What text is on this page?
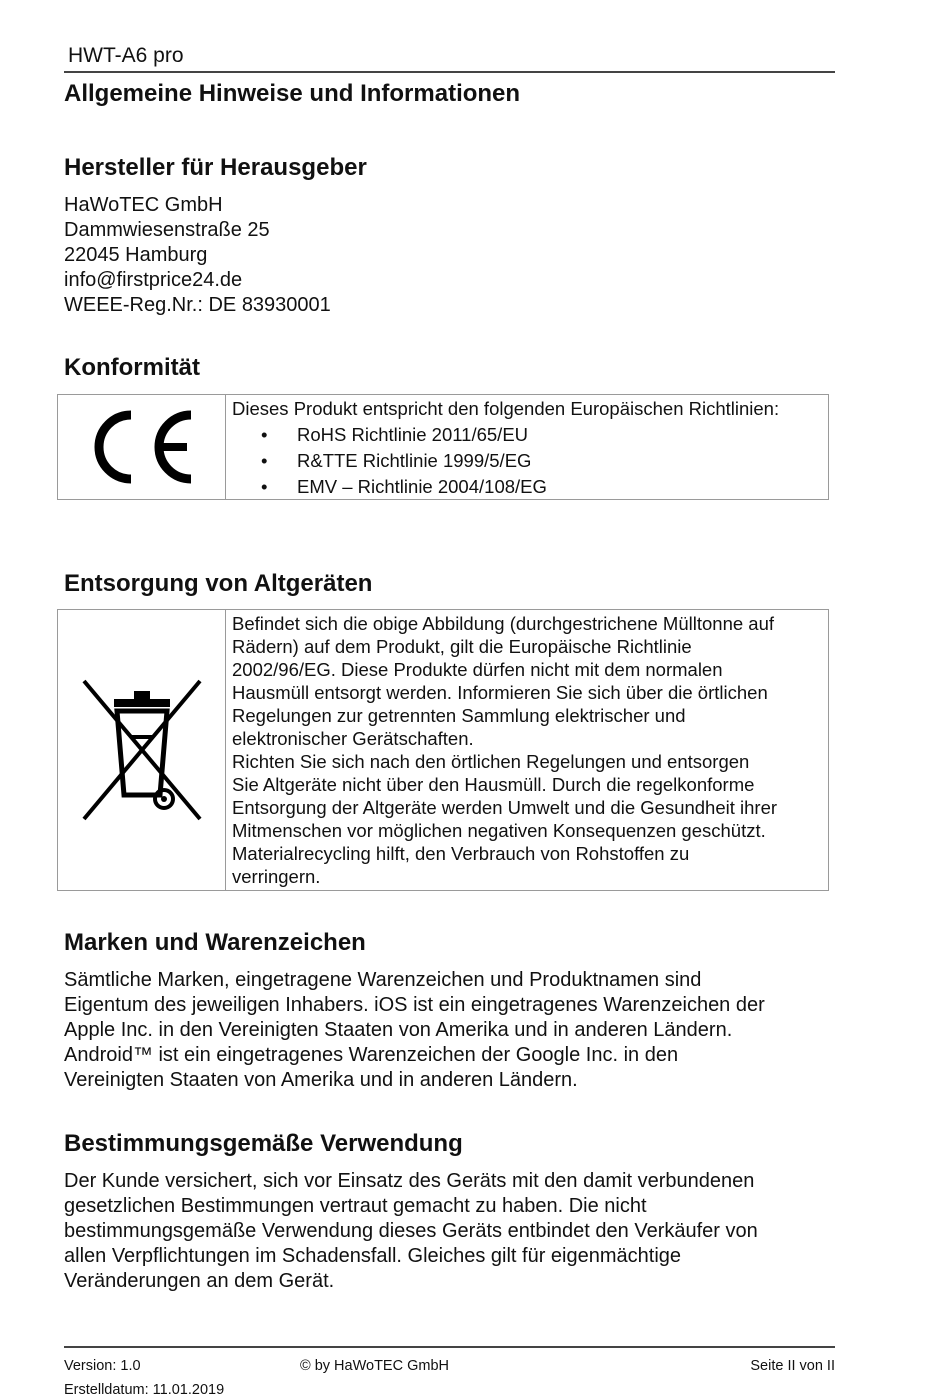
HWT-A6 pro
Allgemeine Hinweise und Informationen
Hersteller für Herausgeber
HaWoTEC GmbH
Dammwiesenstraße 25
22045 Hamburg
info@firstprice24.de
WEEE-Reg.Nr.: DE 83930001
Konformität
Dieses Produkt entspricht den folgenden Europäischen Richtlinien:
• RoHS Richtlinie 2011/65/EU
• R&TTE Richtlinie 1999/5/EG
• EMV – Richtlinie 2004/108/EG
Entsorgung von Altgeräten
Befindet sich die obige Abbildung (durchgestrichene Mülltonne auf
Rädern) auf dem Produkt, gilt die Europäische Richtlinie
2002/96/EG. Diese Produkte dürfen nicht mit dem normalen
Hausmüll entsorgt werden. Informieren Sie sich über die örtlichen
Regelungen zur getrennten Sammlung elektrischer und
elektronischer Gerätschaften.
Richten Sie sich nach den örtlichen Regelungen und entsorgen
Sie Altgeräte nicht über den Hausmüll. Durch die regelkonforme
Entsorgung der Altgeräte werden Umwelt und die Gesundheit ihrer
Mitmenschen vor möglichen negativen Konsequenzen geschützt.
Materialrecycling hilft, den Verbrauch von Rohstoffen zu
verringern.
Marken und Warenzeichen
Sämtliche Marken, eingetragene Warenzeichen und Produktnamen sind
Eigentum des jeweiligen Inhabers. iOS ist ein eingetragenes Warenzeichen der
Apple Inc. in den Vereinigten Staaten von Amerika und in anderen Ländern.
Android™ ist ein eingetragenes Warenzeichen der Google Inc. in den
Vereinigten Staaten von Amerika und in anderen Ländern.
Bestimmungsgemäße Verwendung
Der Kunde versichert, sich vor Einsatz des Geräts mit den damit verbundenen
gesetzlichen Bestimmungen vertraut gemacht zu haben. Die nicht
bestimmungsgemäße Verwendung dieses Geräts entbindet den Verkäufer von
allen Verpflichtungen im Schadensfall. Gleiches gilt für eigenmächtige
Veränderungen an dem Gerät.
Version: 1.0	© by HaWoTEC GmbH	Seite II von II
Erstelldatum: 11.01.2019
